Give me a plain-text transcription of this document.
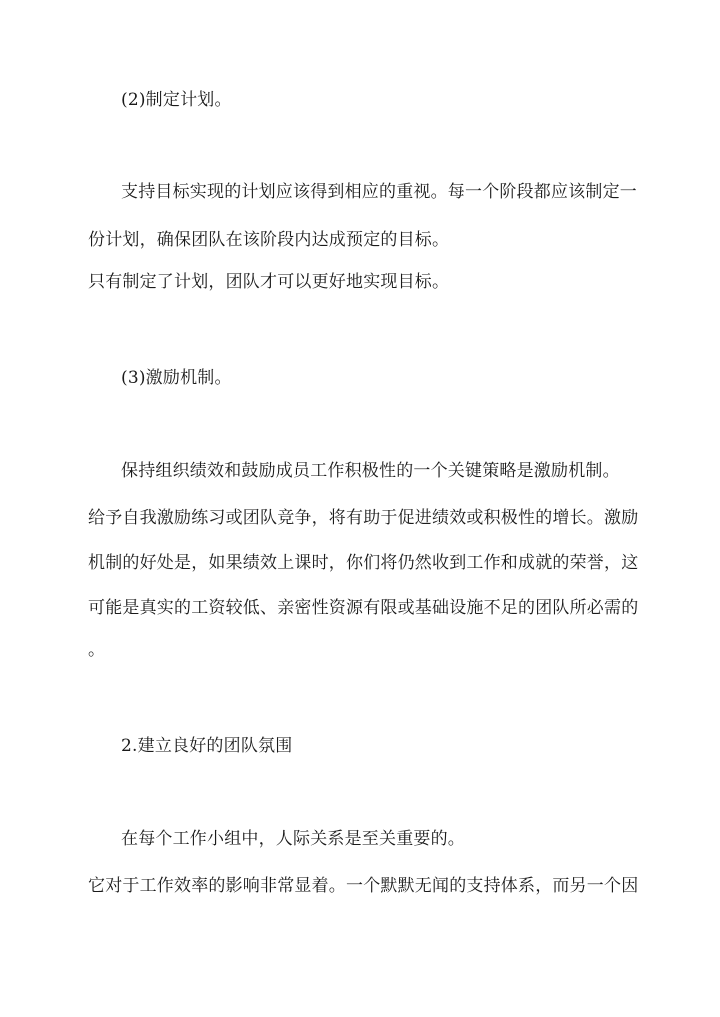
(2)制定计划。
支持目标实现的计划应该得到相应的重视。每一个阶段都应该制定一
份计划，确保团队在该阶段内达成预定的目标。
只有制定了计划，团队才可以更好地实现目标。
(3)激励机制。
保持组织绩效和鼓励成员工作积极性的一个关键策略是激励机制。
给予自我激励练习或团队竞争，将有助于促进绩效或积极性的增长。激励
机制的好处是，如果绩效上课时，你们将仍然收到工作和成就的荣誉，这
可能是真实的工资较低、亲密性资源有限或基础设施不足的团队所必需的
。
2.建立良好的团队氛围
在每个工作小组中，人际关系是至关重要的。
它对于工作效率的影响非常显着。一个默默无闻的支持体系，而另一个因
